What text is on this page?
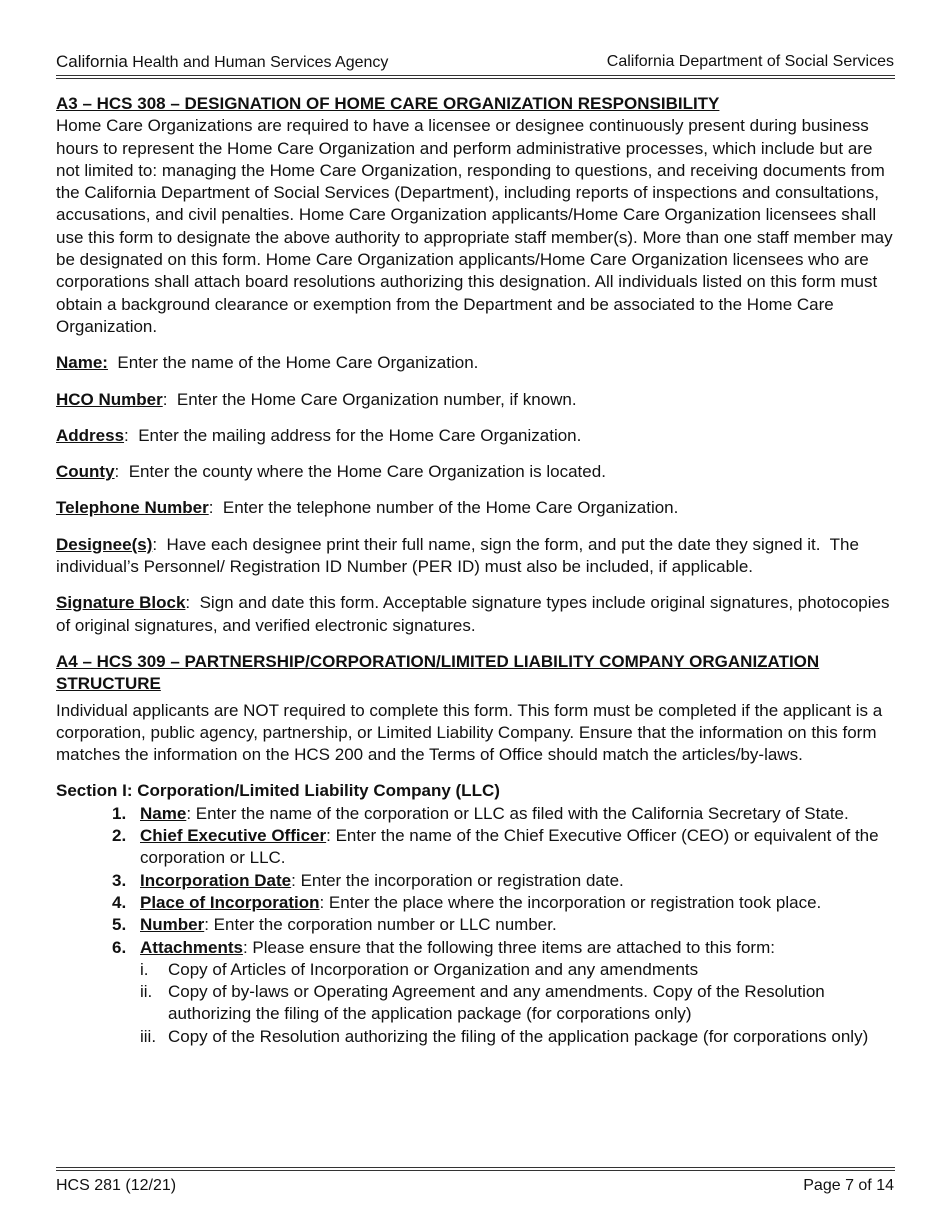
California Health and Human Services Agency	California Department of Social Services

A3 – HCS 308 – DESIGNATION OF HOME CARE ORGANIZATION RESPONSIBILITY

Home Care Organizations are required to have a licensee or designee continuously present during business hours to represent the Home Care Organization and perform administrative processes, which include but are not limited to: managing the Home Care Organization, responding to questions, and receiving documents from the California Department of Social Services (Department), including reports of inspections and consultations, accusations, and civil penalties. Home Care Organization applicants/Home Care Organization licensees shall use this form to designate the above authority to appropriate staff member(s). More than one staff member may be designated on this form. Home Care Organization applicants/Home Care Organization licensees who are corporations shall attach board resolutions authorizing this designation. All individuals listed on this form must obtain a background clearance or exemption from the Department and be associated to the Home Care Organization.

Name:  Enter the name of the Home Care Organization.

HCO Number:  Enter the Home Care Organization number, if known.

Address:  Enter the mailing address for the Home Care Organization.

County:  Enter the county where the Home Care Organization is located.

Telephone Number:  Enter the telephone number of the Home Care Organization.

Designee(s):  Have each designee print their full name, sign the form, and put the date they signed it.  The individual’s Personnel/ Registration ID Number (PER ID) must also be included, if applicable.

Signature Block:  Sign and date this form. Acceptable signature types include original signatures, photocopies of original signatures, and verified electronic signatures.

A4 – HCS 309 – PARTNERSHIP/CORPORATION/LIMITED LIABILITY COMPANY ORGANIZATION STRUCTURE

Individual applicants are NOT required to complete this form. This form must be completed if the applicant is a corporation, public agency, partnership, or Limited Liability Company. Ensure that the information on this form matches the information on the HCS 200 and the Terms of Office should match the articles/by-laws.

Section I: Corporation/Limited Liability Company (LLC)

1. Name: Enter the name of the corporation or LLC as filed with the California Secretary of State.
2. Chief Executive Officer: Enter the name of the Chief Executive Officer (CEO) or equivalent of the corporation or LLC.
3. Incorporation Date: Enter the incorporation or registration date.
4. Place of Incorporation: Enter the place where the incorporation or registration took place.
5. Number: Enter the corporation number or LLC number.
6. Attachments: Please ensure that the following three items are attached to this form:
i. Copy of Articles of Incorporation or Organization and any amendments
ii. Copy of by-laws or Operating Agreement and any amendments. Copy of the Resolution authorizing the filing of the application package (for corporations only)
iii. Copy of the Resolution authorizing the filing of the application package (for corporations only)
HCS 281 (12/21)	Page 7 of 14
